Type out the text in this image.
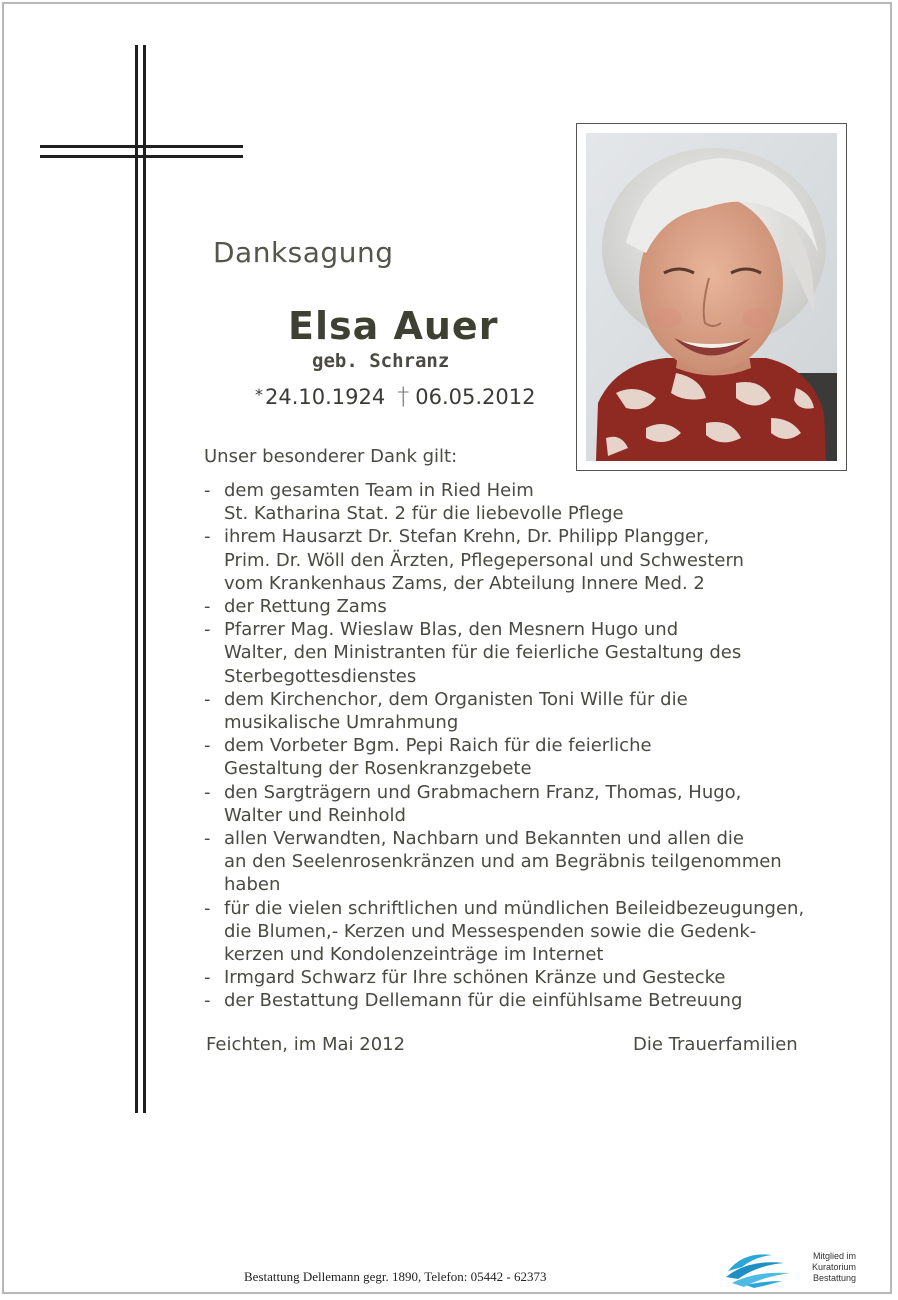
Danksagung
Elsa Auer
geb. Schranz
* 24.10.1924 † 06.05.2012
Unser besonderer Dank gilt:
- dem gesamten Team in Ried Heim
St. Katharina Stat. 2 für die liebevolle Pflege
- ihrem Hausarzt Dr. Stefan Krehn, Dr. Philipp Plangger,
Prim. Dr. Wöll den Ärzten, Pflegepersonal und Schwestern
vom Krankenhaus Zams, der Abteilung Innere Med. 2
- der Rettung Zams
- Pfarrer Mag. Wieslaw Blas, den Mesnern Hugo und
Walter, den Ministranten für die feierliche Gestaltung des
Sterbegottesdienstes
- dem Kirchenchor, dem Organisten Toni Wille für die
musikalische Umrahmung
- dem Vorbeter Bgm. Pepi Raich für die feierliche
Gestaltung der Rosenkranzgebete
- den Sargträgern und Grabmachern Franz, Thomas, Hugo,
Walter und Reinhold
- allen Verwandten, Nachbarn und Bekannten und allen die
an den Seelenrosenkränzen und am Begräbnis teilgenommen
haben
- für die vielen schriftlichen und mündlichen Beileidbezeugungen,
die Blumen,- Kerzen und Messespenden sowie die Gedenk-
kerzen und Kondolenzeinträge im Internet
- Irmgard Schwarz für Ihre schönen Kränze und Gestecke
- der Bestattung Dellemann für die einfühlsame Betreuung
Feichten, im Mai 2012	Die Trauerfamilien
Bestattung Dellemann gegr. 1890, Telefon: 05442 - 62373
Mitglied im
Kuratorium Bestattung
